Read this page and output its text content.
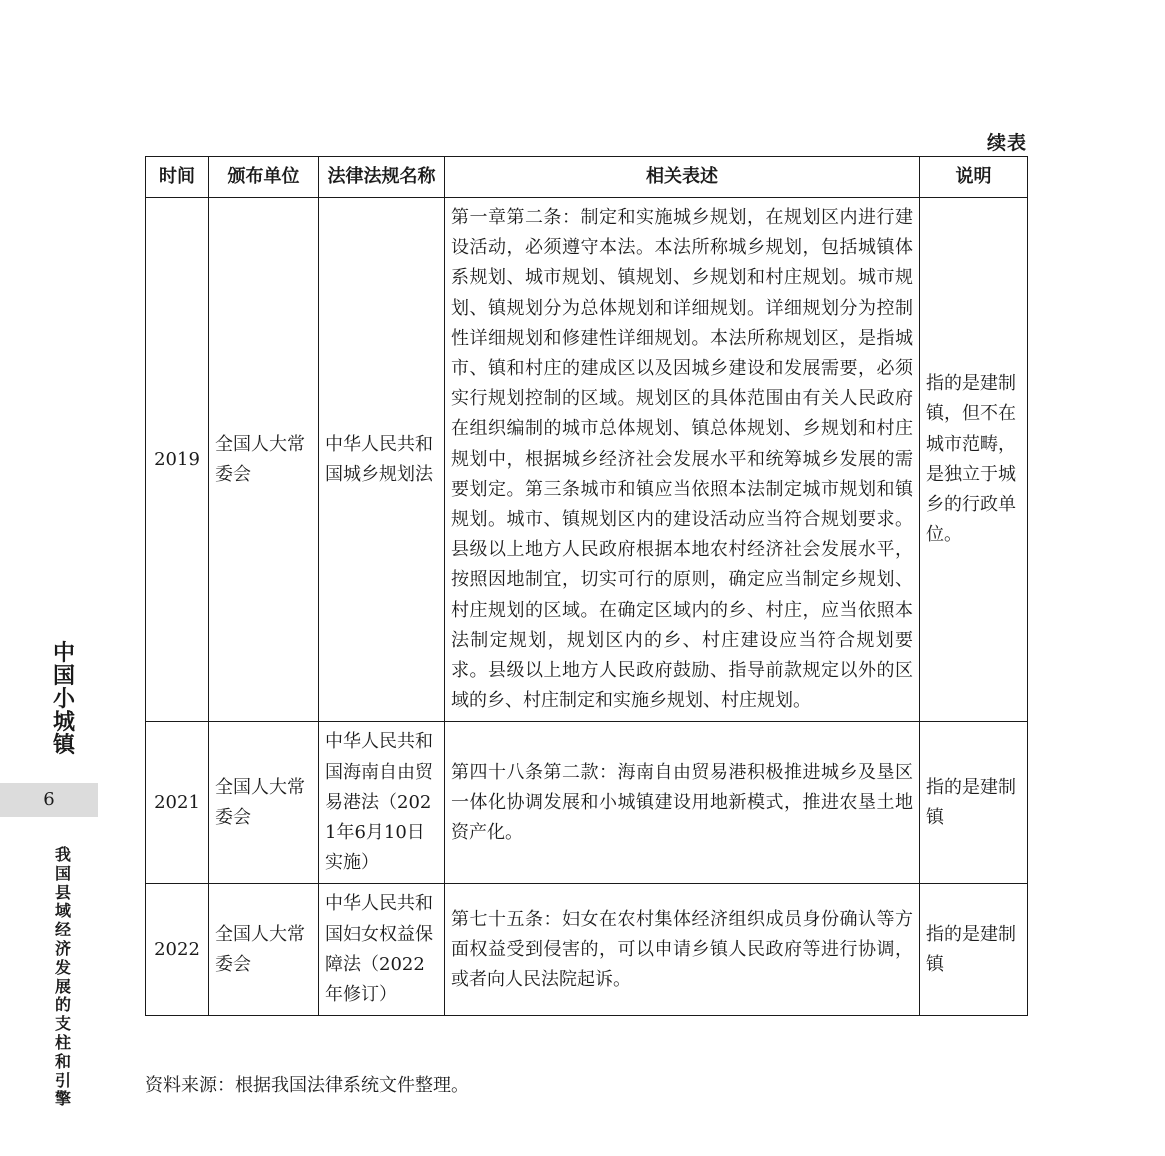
续表
时间	颁布单位	法律法规名称	相关表述	说明
2019	全国人大常委会	中华人民共和国城乡规划法	第一章第二条：制定和实施城乡规划，在规划区内进行建设活动，必须遵守本法。本法所称城乡规划，包括城镇体系规划、城市规划、镇规划、乡规划和村庄规划。城市规划、镇规划分为总体规划和详细规划。详细规划分为控制性详细规划和修建性详细规划。本法所称规划区，是指城市、镇和村庄的建成区以及因城乡建设和发展需要，必须实行规划控制的区域。规划区的具体范围由有关人民政府在组织编制的城市总体规划、镇总体规划、乡规划和村庄规划中，根据城乡经济社会发展水平和统筹城乡发展的需要划定。第三条城市和镇应当依照本法制定城市规划和镇规划。城市、镇规划区内的建设活动应当符合规划要求。县级以上地方人民政府根据本地农村经济社会发展水平，按照因地制宜，切实可行的原则，确定应当制定乡规划、村庄规划的区域。在确定区域内的乡、村庄，应当依照本法制定规划，规划区内的乡、村庄建设应当符合规划要求。县级以上地方人民政府鼓励、指导前款规定以外的区域的乡、村庄制定和实施乡规划、村庄规划。	指的是建制镇，但不在城市范畴，是独立于城乡的行政单位。
2021	全国人大常委会	中华人民共和国海南自由贸易港法（2021年6月10日实施）	第四十八条第二款：海南自由贸易港积极推进城乡及垦区一体化协调发展和小城镇建设用地新模式，推进农垦土地资产化。	指的是建制镇
2022	全国人大常委会	中华人民共和国妇女权益保障法（2022年修订）	第七十五条：妇女在农村集体经济组织成员身份确认等方面权益受到侵害的，可以申请乡镇人民政府等进行协调，或者向人民法院起诉。	指的是建制镇
资料来源：根据我国法律系统文件整理。
中国小城镇
6
我国县域经济发展的支柱和引擎
